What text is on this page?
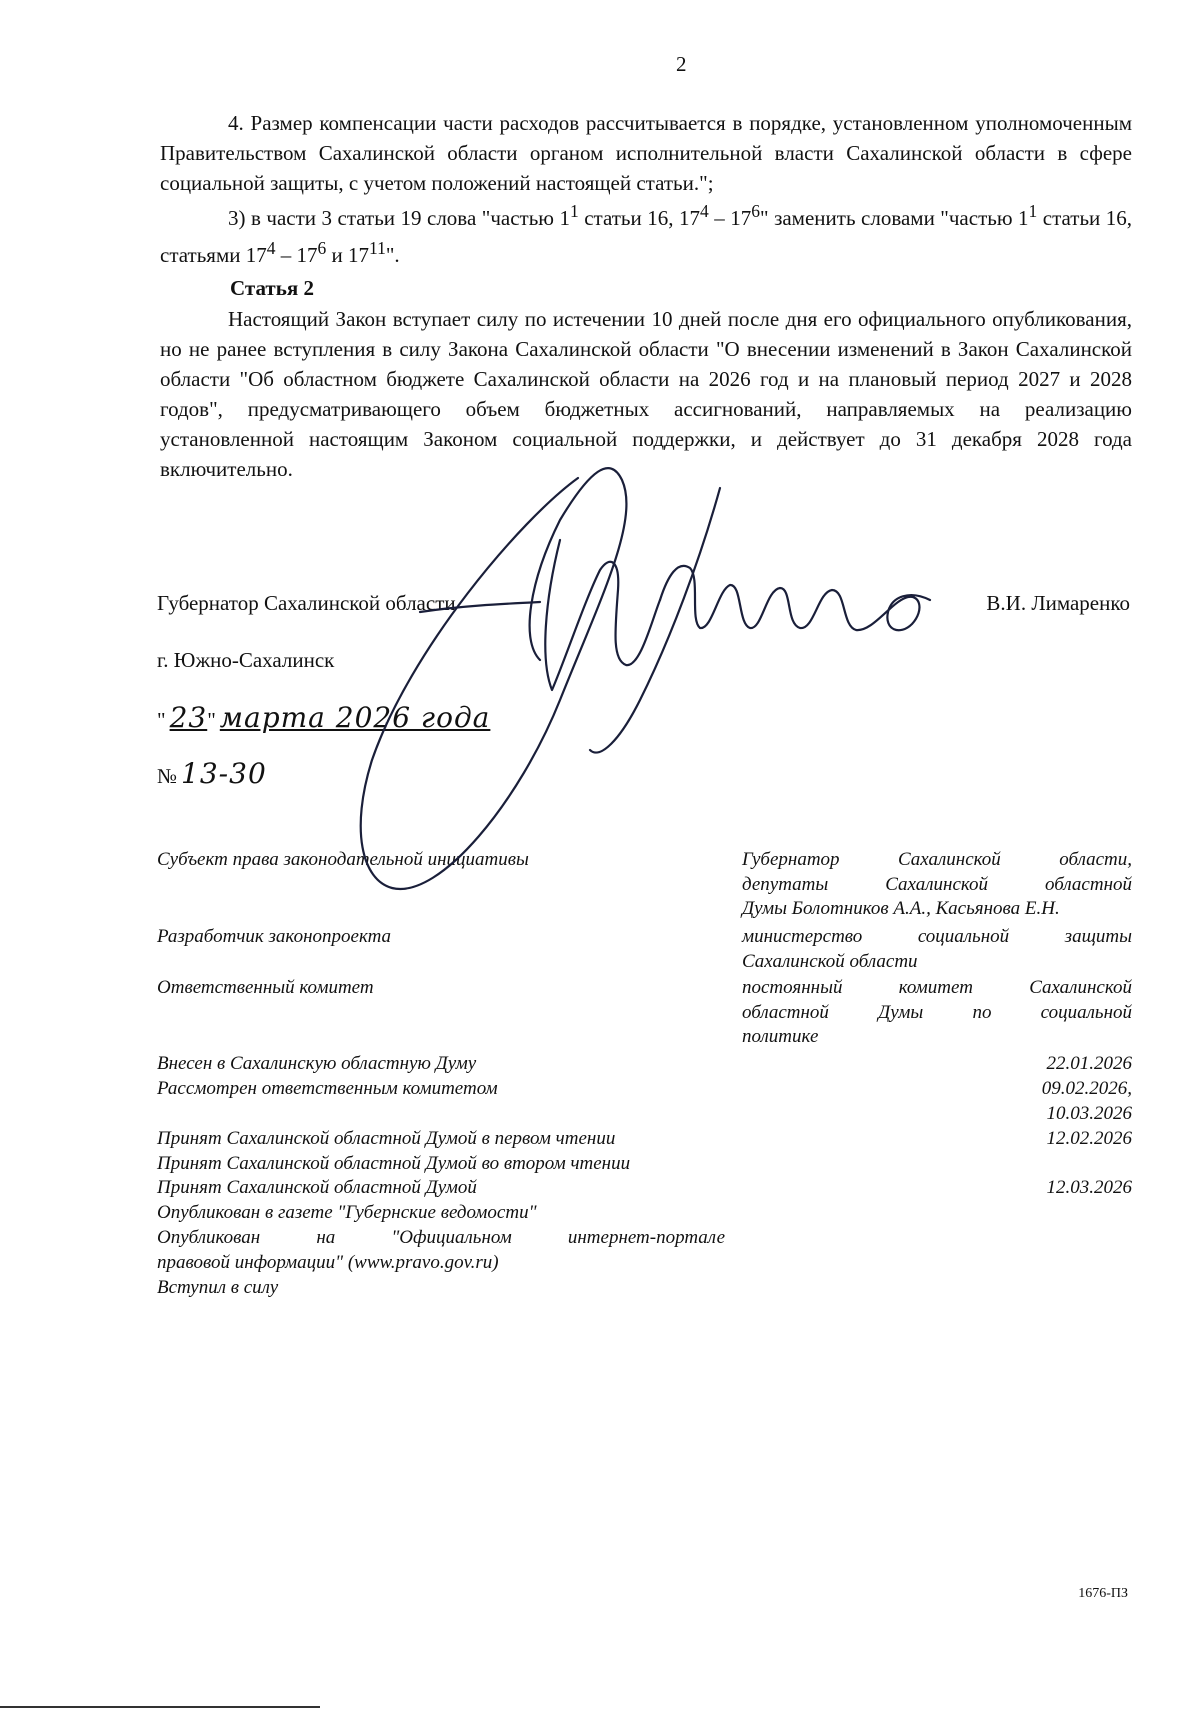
2

4. Размер компенсации части расходов рассчитывается в порядке, установленном уполномоченным Правительством Сахалинской области органом исполнительной власти Сахалинской области в сфере социальной защиты, с учетом положений настоящей статьи.";

3) в части 3 статьи 19 слова "частью $1^1$ статьи 16, $17^4 - 17^6$" заменить словами "частью $1^1$ статьи 16, статьями $17^4 - 17^6$ и $17^{11}$".

Статья 2

Настоящий Закон вступает силу по истечении 10 дней после дня его официального опубликования, но не ранее вступления в силу Закона Сахалинской области "О внесении изменений в Закон Сахалинской области "Об областном бюджете Сахалинской области на 2026 год и на плановый период 2027 и 2028 годов", предусматривающего объем бюджетных ассигнований, направляемых на реализацию установленной настоящим Законом социальной поддержки, и действует до 31 декабря 2028 года включительно.

Губернатор Сахалинской области	В.И. Лимаренко
г. Южно-Сахалинск
" 23" марта 2026 года
№ 13-30
Субъект права законодательной инициативы	Губернатор Сахалинской области,
депутаты Сахалинской областной
Думы Болотников А.А., Касьянова Е.Н.
Разработчик законопроекта	министерство социальной защиты
Сахалинской области
Ответственный комитет	постоянный комитет Сахалинской
областной Думы по социальной
политике
Внесен в Сахалинскую областную Думу	22.01.2026
Рассмотрен ответственным комитетом	09.02.2026,
10.03.2026
Принят Сахалинской областной Думой в первом чтении	12.02.2026
Принят Сахалинской областной Думой во втором чтении
Принят Сахалинской областной Думой	12.03.2026
Опубликован в газете "Губернские ведомости"
Опубликован на "Официальном интернет-портале
правовой информации" (www.pravo.gov.ru)
Вступил в силу
1676-ПЗ
